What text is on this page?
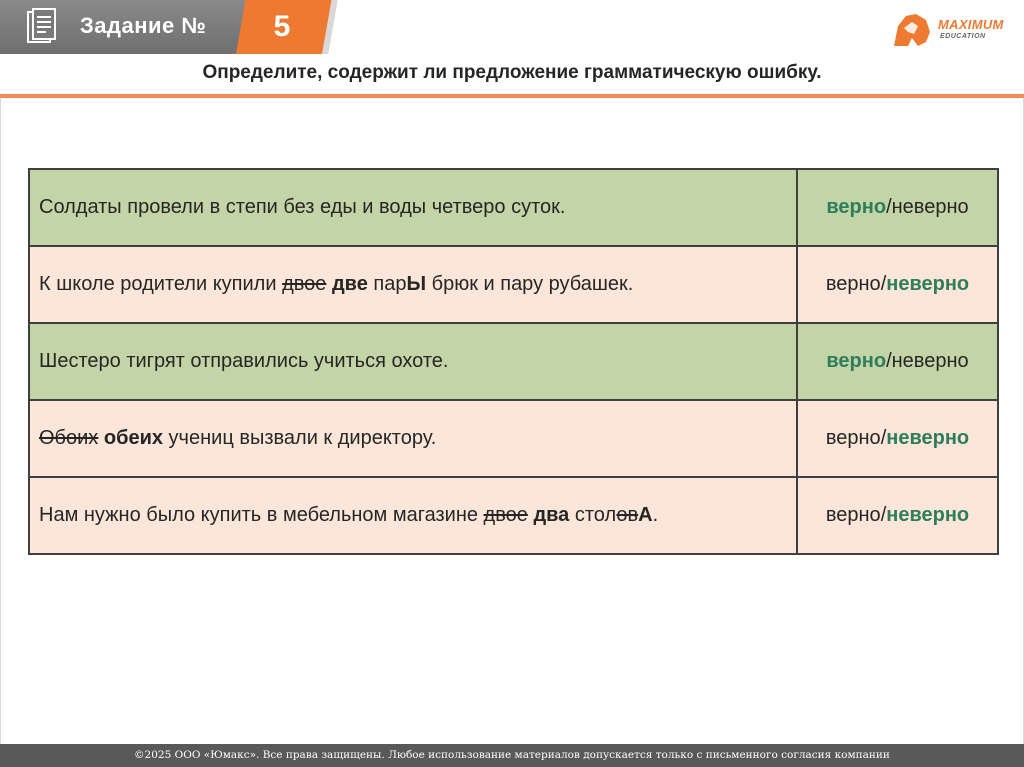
Задание №	5	MAXIMUM
EDUCATION
Определите, содержит ли предложение грамматическую ошибку.
Солдаты провели в степи без еды и воды четверо суток.	верно/неверно
К школе родители купили двое две парЫ брюк и пару рубашек.	верно/неверно
Шестеро тигрят отправились учиться охоте.	верно/неверно
Обоих обеих учениц вызвали к директору.	верно/неверно
Нам нужно было купить в мебельном магазине двое два столовА.	верно/неверно
©2025 ООО «Юмакс». Все права защищены. Любое использование материалов допускается только с письменного согласия компании
